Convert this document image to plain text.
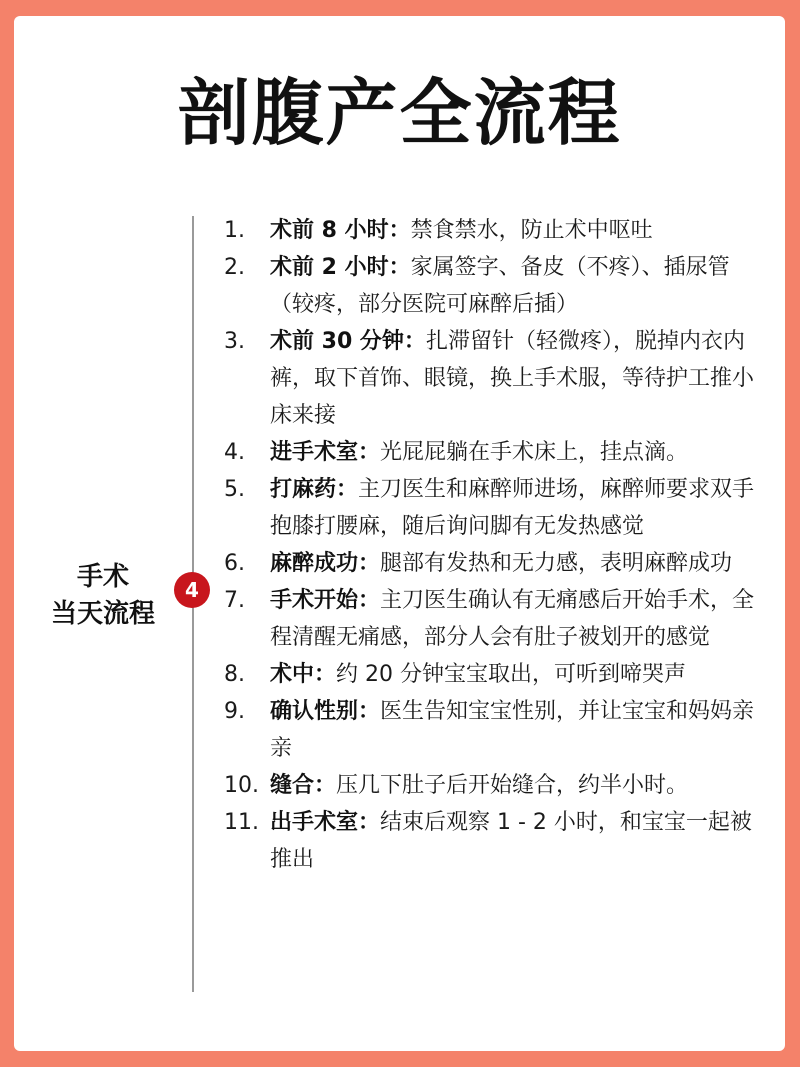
剖腹产全流程
手术
当天流程
4
1.	术前 8 小时：禁食禁水，防止术中呕吐
2.	术前 2 小时：家属签字、备皮（不疼）、插尿管（较疼，部分医院可麻醉后插）
3.	术前 30 分钟：扎滞留针（轻微疼），脱掉内衣内裤，取下首饰、眼镜，换上手术服，等待护工推小床来接
4.	进手术室：光屁屁躺在手术床上，挂点滴。
5.	打麻药：主刀医生和麻醉师进场，麻醉师要求双手抱膝打腰麻，随后询问脚有无发热感觉
6.	麻醉成功：腿部有发热和无力感，表明麻醉成功
7.	手术开始：主刀医生确认有无痛感后开始手术，全程清醒无痛感，部分人会有肚子被划开的感觉
8.	术中：约 20 分钟宝宝取出，可听到啼哭声
9.	确认性别：医生告知宝宝性别，并让宝宝和妈妈亲亲
10. 缝合：压几下肚子后开始缝合，约半小时。
11. 出手术室：结束后观察 1 - 2 小时，和宝宝一起被推出
